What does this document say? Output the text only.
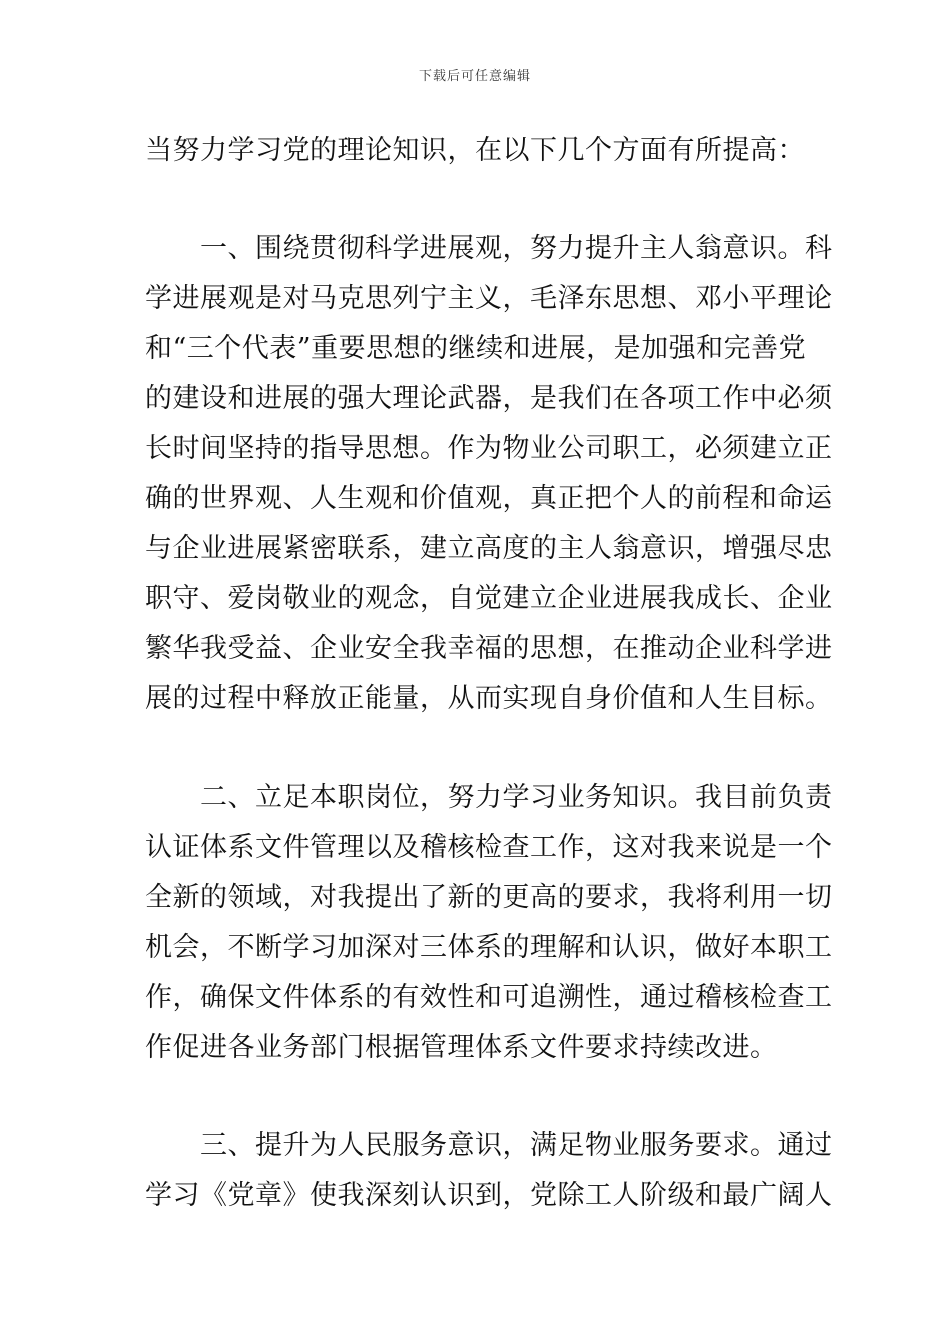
下载后可任意编辑
当努力学习党的理论知识，在以下几个方面有所提高：
　　一、围绕贯彻科学进展观，努力提升主人翁意识。科
学进展观是对马克思列宁主义，毛泽东思想、邓小平理论
和“三个代表”重要思想的继续和进展，是加强和完善党
的建设和进展的强大理论武器，是我们在各项工作中必须
长时间坚持的指导思想。作为物业公司职工，必须建立正
确的世界观、人生观和价值观，真正把个人的前程和命运
与企业进展紧密联系，建立高度的主人翁意识，增强尽忠
职守、爱岗敬业的观念，自觉建立企业进展我成长、企业
繁华我受益、企业安全我幸福的思想，在推动企业科学进
展的过程中释放正能量，从而实现自身价值和人生目标。
　　二、立足本职岗位，努力学习业务知识。我目前负责
认证体系文件管理以及稽核检查工作，这对我来说是一个
全新的领域，对我提出了新的更高的要求，我将利用一切
机会，不断学习加深对三体系的理解和认识，做好本职工
作，确保文件体系的有效性和可追溯性，通过稽核检查工
作促进各业务部门根据管理体系文件要求持续改进。
　　三、提升为人民服务意识，满足物业服务要求。通过
学习《党章》使我深刻认识到，党除工人阶级和最广阔人
